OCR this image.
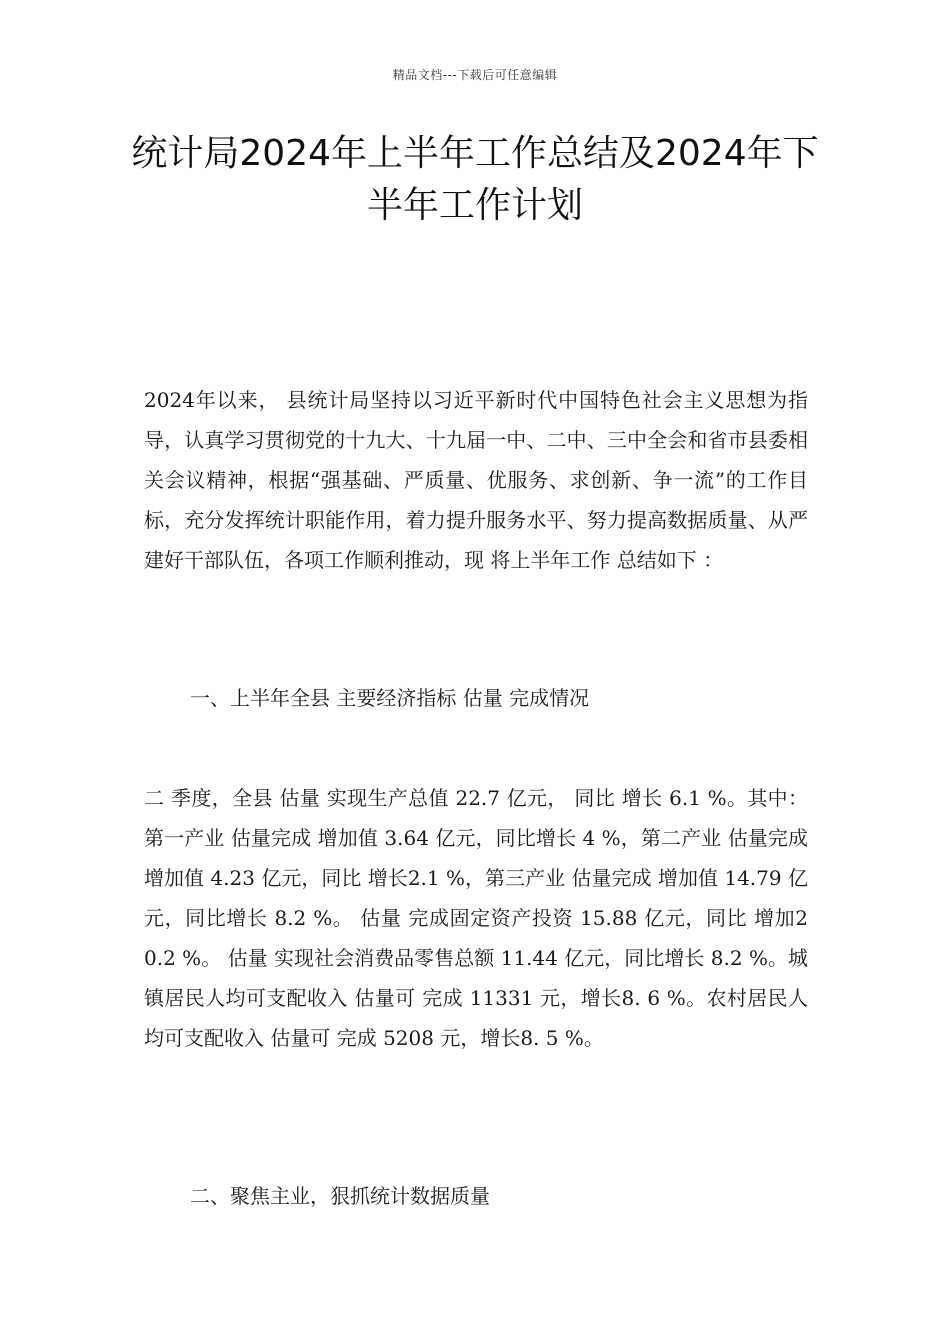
精品文档---下载后可任意编辑
统计局2024年上半年工作总结及2024年下半年工作计划

2024年以来， 县统计局坚持以习近平新时代中国特色社会主义思想为指导，认真学习贯彻党的十九大、十九届一中、二中、三中全会和省市县委相关会议精神，根据“强基础、严质量、优服务、求创新、争一流”的工作目标，充分发挥统计职能作用，着力提升服务水平、努力提高数据质量、从严建好干部队伍，各项工作顺利推动，现 将上半年工作 总结如下 ：

一、上半年全县 主要经济指标 估量 完成情况

二 季度，全县 估量 实现生产总值 22.7 亿元， 同比 增长 6.1 %。其中：第一产业 估量完成 增加值 3.64 亿元，同比增长 4 %，第二产业 估量完成 增加值 4.23 亿元，同比 增长2.1 %，第三产业 估量完成 增加值 14.79 亿元，同比增长 8.2 %。 估量 完成固定资产投资 15.88 亿元，同比 增加20.2 %。 估量 实现社会消费品零售总额 11.44 亿元，同比增长 8.2 %。城镇居民人均可支配收入 估量可 完成 11331 元，增长8. 6 %。农村居民人均可支配收入 估量可 完成 5208 元，增长8. 5 %。

二、聚焦主业，狠抓统计数据质量
